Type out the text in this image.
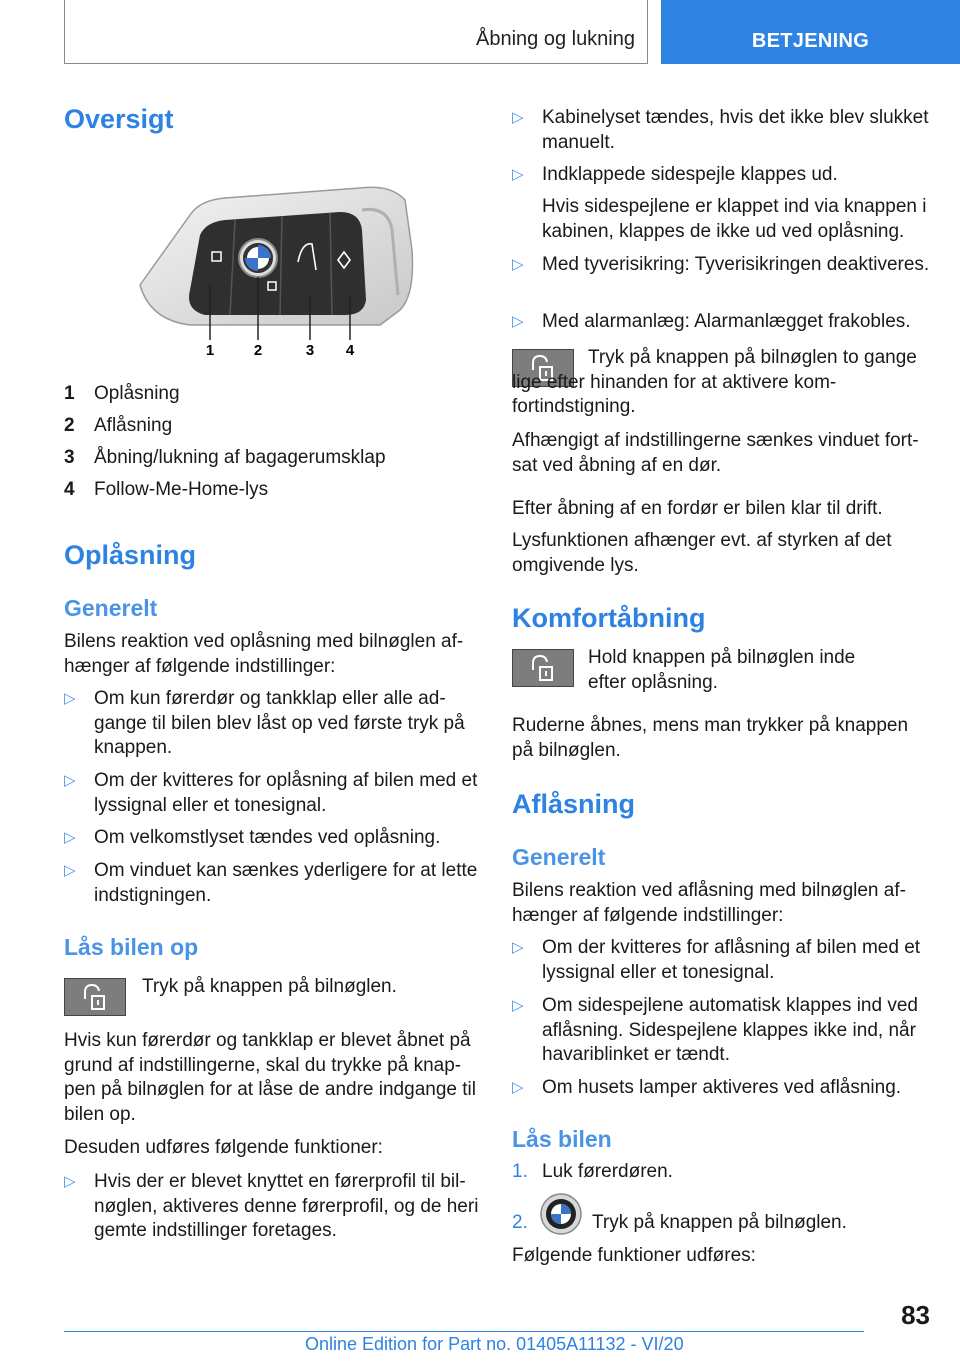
Åbning og lukning	BETJENING
Oversigt
1	2	3 4
1	Oplåsning
2	Aflåsning
3	Åbning/lukning af bagagerumsklap
4	Follow-Me-Home-lys
Oplåsning
Generelt

Bilens reaktion ved oplåsning med bilnøglen afhænger af følgende indstillinger:

▷ Om kun førerdør og tankklap eller alle adgange til bilen blev låst op ved første tryk på knappen.
▷ Om der kvitteres for oplåsning af bilen med et lyssignal eller et tonesignal.
▷ Om velkomstlyset tændes ved oplåsning.
▷ Om vinduet kan sænkes yderligere for at lette indstigningen.
Lås bilen op

Tryk på knappen på bilnøglen.

Hvis kun førerdør og tankklap er blevet åbnet på grund af indstillingerne, skal du trykke på knappen på bilnøglen for at låse de andre indgange til bilen op.

Desuden udføres følgende funktioner:

▷ Hvis der er blevet knyttet en førerprofil til bilnøglen, aktiveres denne førerprofil, og de heri gemte indstillinger foretages.
▷ Kabinelyset tændes, hvis det ikke blev slukket manuelt.
▷ Indklappede sidespejle klappes ud.

Hvis sidespejlene er klappet ind via knappen i kabinen, klappes de ikke ud ved oplåsning.

▷ Med tyverisikring: Tyverisikringen deaktiveres.
▷ Med alarmanlæg: Alarmanlægget frakobles.

Tryk på knappen på bilnøglen to gange lige efter hinanden for at aktivere komfortindstigning.

Afhængigt af indstillingerne sænkes vinduet fortsat ved åbning af en dør.

Efter åbning af en fordør er bilen klar til drift.

Lysfunktionen afhænger evt. af styrken af det omgivende lys.

Komfortåbning

Hold knappen på bilnøglen inde efter oplåsning.

Ruderne åbnes, mens man trykker på knappen på bilnøglen.

Aflåsning
Generelt

Bilens reaktion ved aflåsning med bilnøglen afhænger af følgende indstillinger:

▷ Om der kvitteres for aflåsning af bilen med et lyssignal eller et tonesignal.
▷ Om sidespejlene automatisk klappes ind ved aflåsning. Sidespejlene klappes ikke ind, når havariblinket er tændt.
▷ Om husets lamper aktiveres ved aflåsning.
Lås bilen
1. Luk førerdøren.
2.	Tryk på knappen på bilnøglen.

Følgende funktioner udføres:

83
Online Edition for Part no. 01405A11132 - VI/20
